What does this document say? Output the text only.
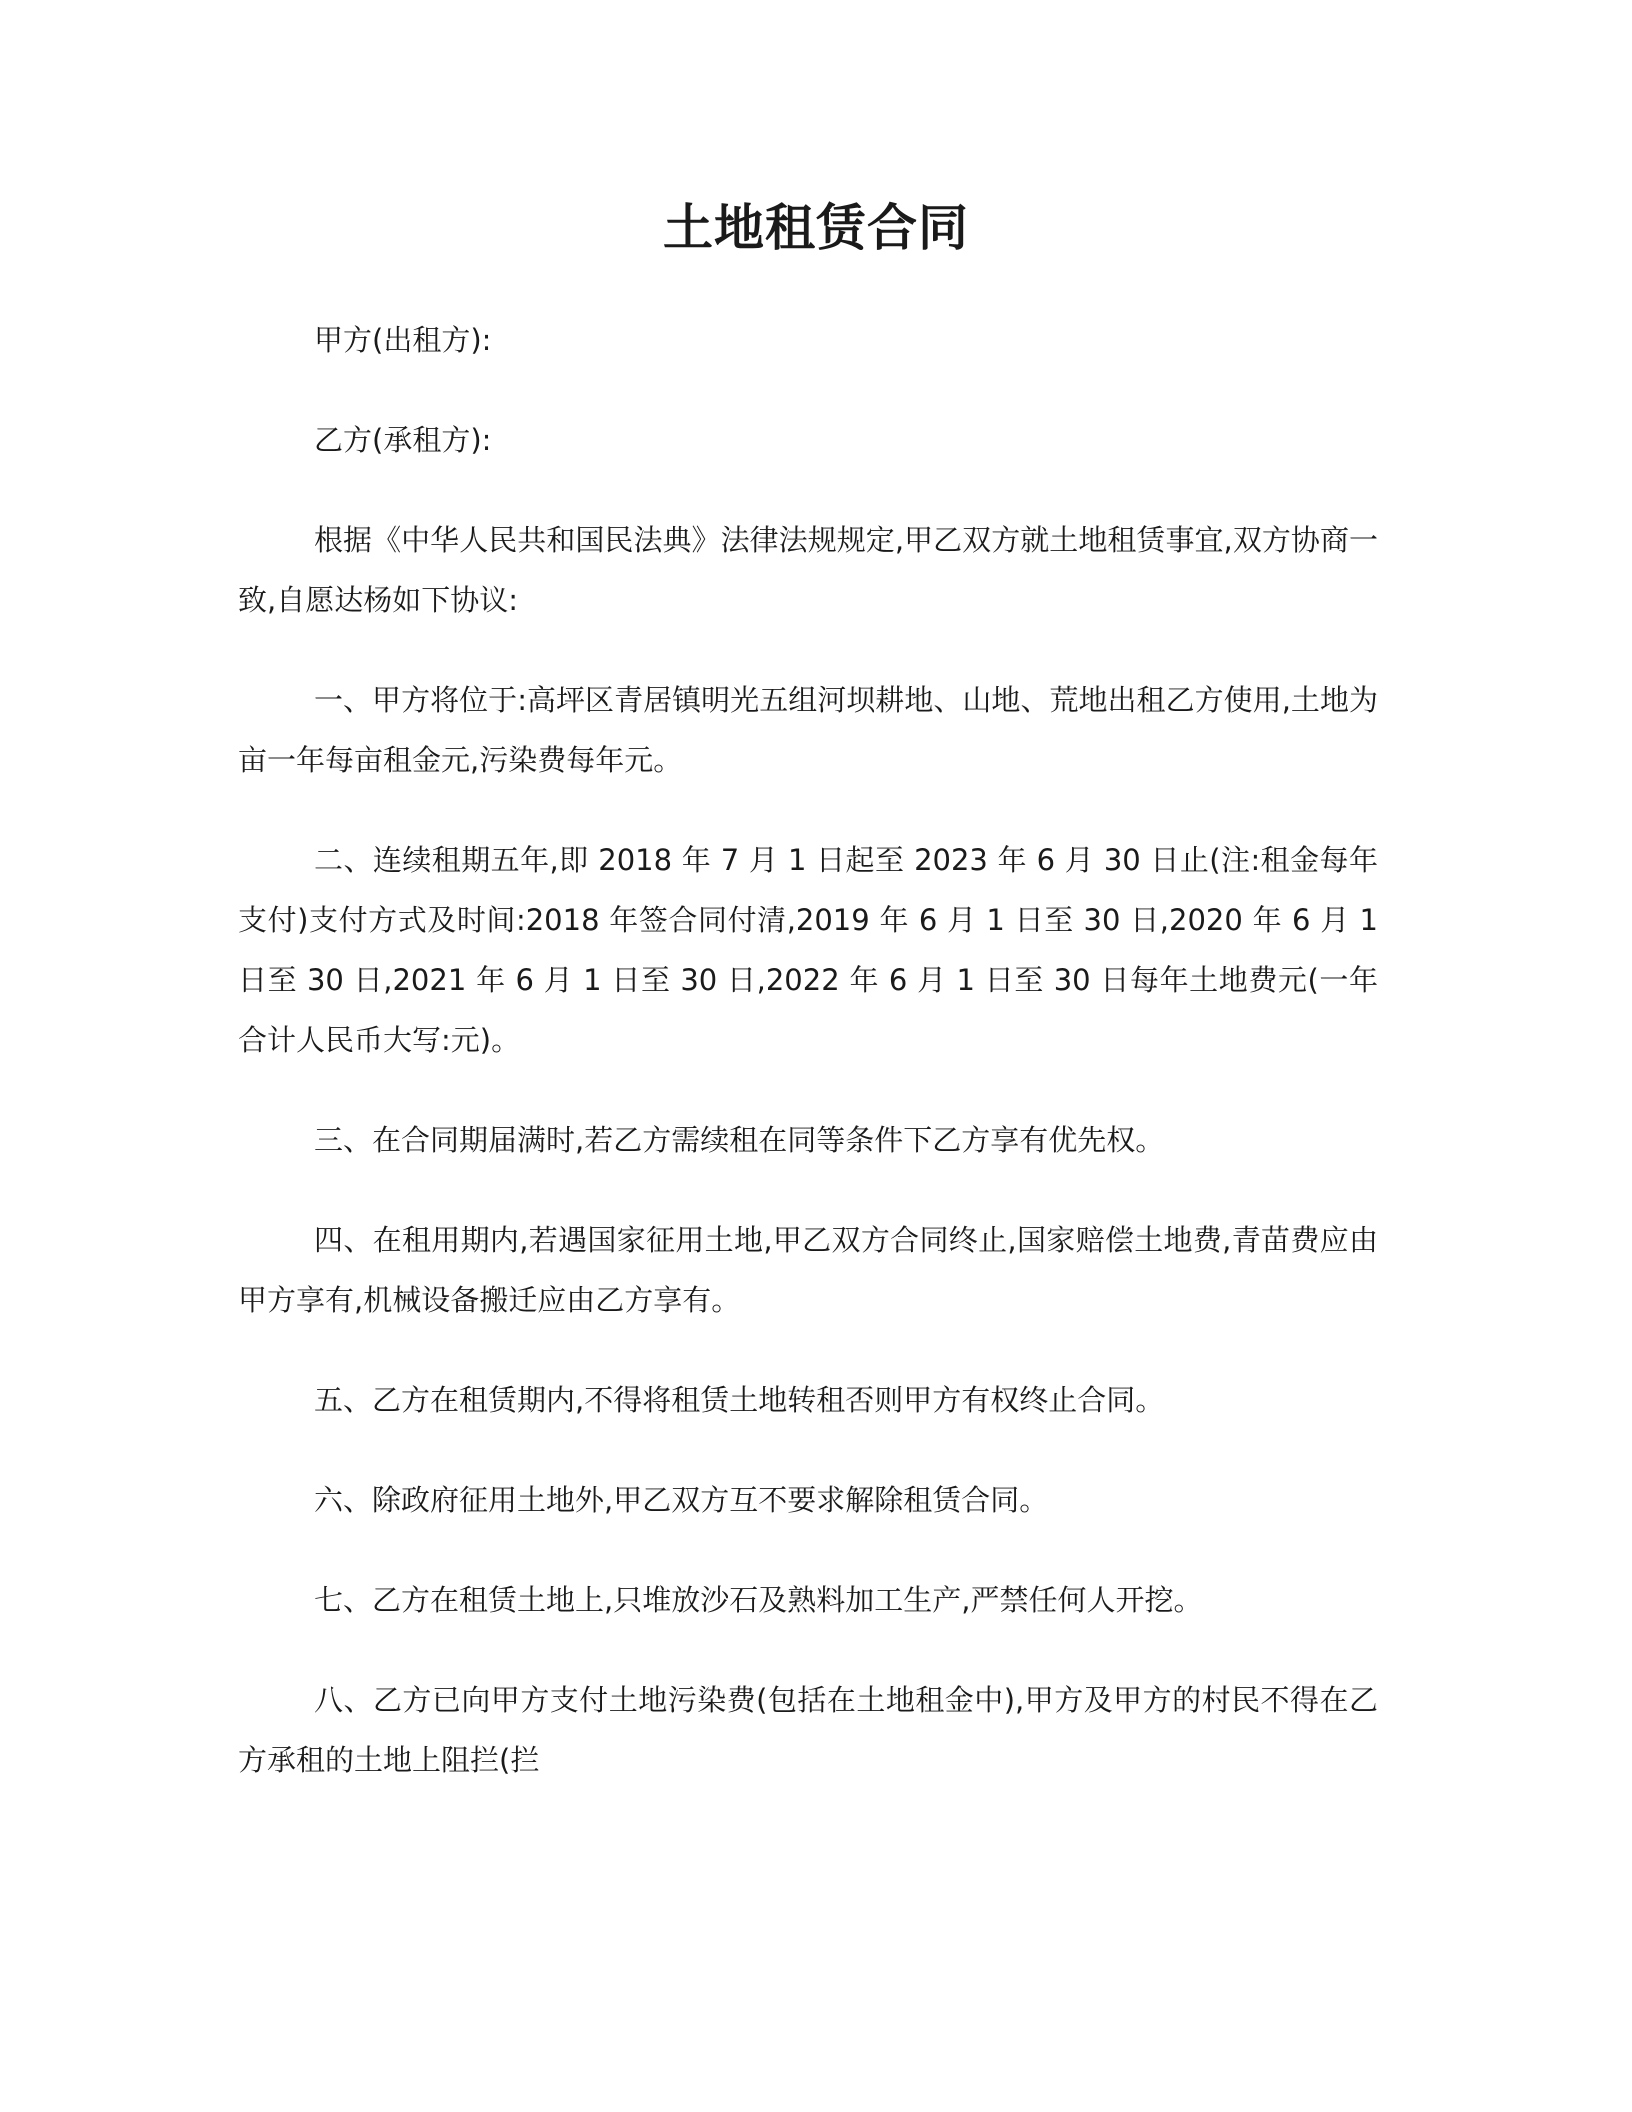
土地租赁合同

甲方(出租方):

乙方(承租方):

根据《中华人民共和国民法典》法律法规规定,甲乙双方就土地租赁事宜,双方协商一致,自愿达杨如下协议:

一、甲方将位于:高坪区青居镇明光五组河坝耕地、山地、荒地出租乙方使用,土地为亩一年每亩租金元,污染费每年元。

二、连续租期五年,即 2018 年 7 月 1 日起至 2023 年 6 月 30 日止(注:租金每年支付)支付方式及时间:2018 年签合同付清,2019 年 6 月 1 日至 30 日,2020 年 6 月 1 日至 30 日,2021 年 6 月 1 日至 30 日,2022 年 6 月 1 日至 30 日每年土地费元(一年合计人民币大写:元)。

三、在合同期届满时,若乙方需续租在同等条件下乙方享有优先权。

四、在租用期内,若遇国家征用土地,甲乙双方合同终止,国家赔偿土地费,青苗费应由甲方享有,机械设备搬迁应由乙方享有。

五、乙方在租赁期内,不得将租赁土地转租否则甲方有权终止合同。

六、除政府征用土地外,甲乙双方互不要求解除租赁合同。

七、乙方在租赁土地上,只堆放沙石及熟料加工生产,严禁任何人开挖。

八、乙方已向甲方支付土地污染费(包括在土地租金中),甲方及甲方的村民不得在乙方承租的土地上阻拦(拦
